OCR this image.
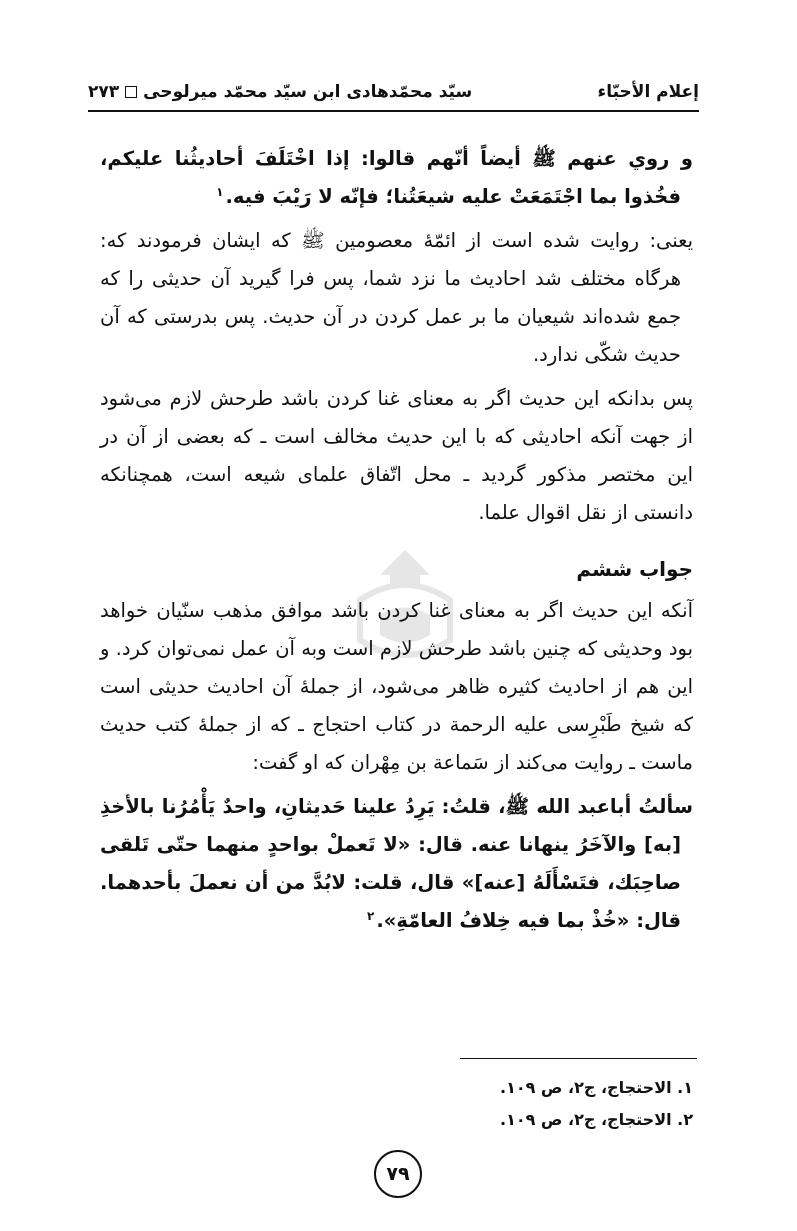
إعلام الأحبّاء
سيّد محمّدهادى ابن سيّد محمّد ميرلوحى۲۷۳

و روي عنهم ﷺ أيضاً أنّهم قالوا: إذا اخْتَلَفَ أحاديثُنا عليكم، فخُذوا بما اجْتَمَعَتْ عليه شيعَتُنا؛ فإنّه لا رَيْبَ فيه.$^۱$

يعنى: روايت شده است از ائمّهٔ معصومين ﷺ كه ايشان فرمودند كه: هرگاه مختلف شد احاديث ما نزد شما، پس فرا گيريد آن حديثى را كه جمع شده‌اند شيعيان ما بر عمل كردن در آن حديث. پس بدرستى كه آن حديث شكّى ندارد.

پس بدانكه اين حديث اگر به معناى غنا كردن باشد طرحش لازم مى‌شود از جهت آنكه احاديثى كه با اين حديث مخالف است ـ كه بعضى از آن در اين مختصر مذكور گرديد ـ محل اتّفاق علماى شيعه است، همچنانكه دانستى از نقل اقوال علما.

جواب ششم

آنكه اين حديث اگر به معناى غنا كردن باشد موافق مذهب سنّيان خواهد بود وحديثى كه چنين باشد طرحش لازم است وبه آن عمل نمى‌توان كرد. و اين هم از احاديث كثيره ظاهر مى‌شود، از جملهٔ آن احاديث حديثى است كه شيخ طَبْرِسى عليه الرحمة در كتاب احتجاج ـ كه از جملهٔ كتب حديث ماست ـ روايت مى‌كند از سَماعة بن مِهْران كه او گفت:

سألتُ أباعبد الله ﷺ، قلتُ: يَرِدُ علينا حَديثانِ، واحدٌ يَأْمُرُنا بالأخذِ [به] والآخَرُ ينهانا عنه. قال: «لا تَعملْ بواحدٍ منهما حتّى تَلقى صاحِبَك، فتَسْأَلَهُ [عنه]» قال، قلت: لابُدَّ من أن نعملَ بأحدهما. قال: «خُذْ بما فيه خِلافُ العامّةِ».$^۲$

۱. الاحتجاج، ج۲، ص ۱۰۹.

۲. الاحتجاج، ج۲، ص ۱۰۹.

۷۹
